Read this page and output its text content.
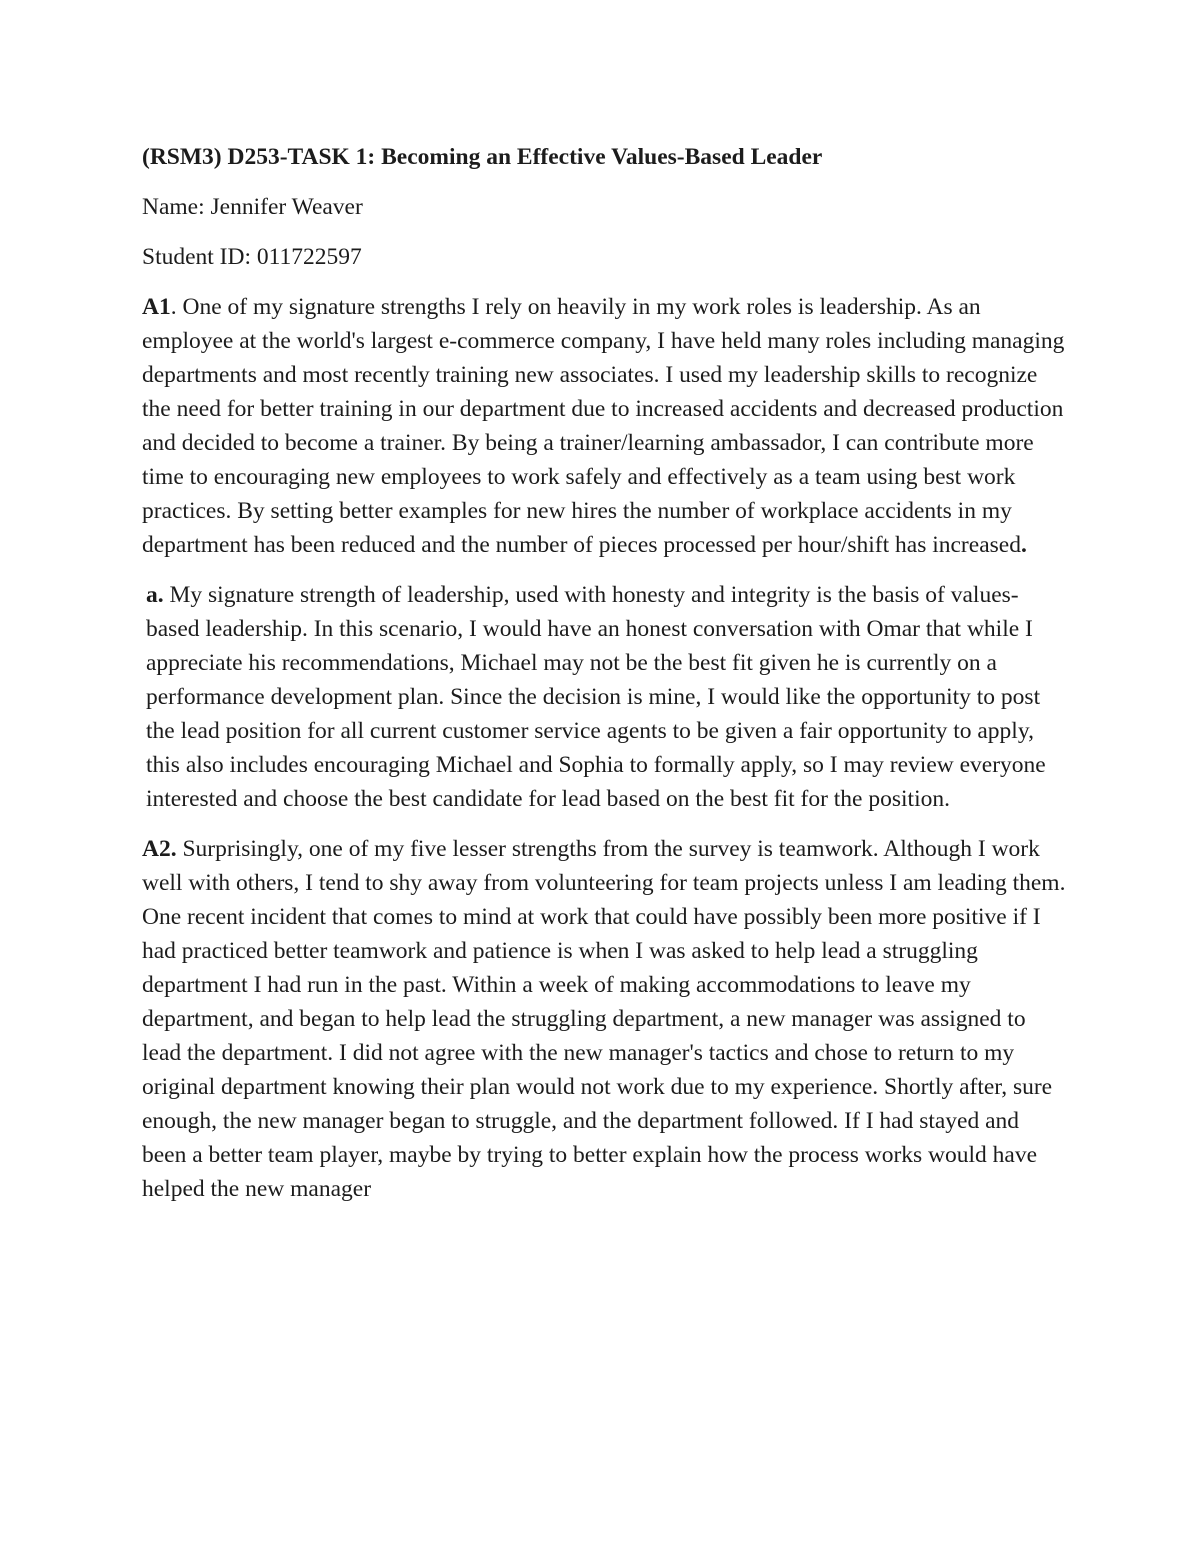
(RSM3) D253-TASK 1: Becoming an Effective Values-Based Leader

Name: Jennifer Weaver

Student ID: 011722597

A1. One of my signature strengths I rely on heavily in my work roles is leadership. As an employee at the world's largest e-commerce company, I have held many roles including managing departments and most recently training new associates. I used my leadership skills to recognize the need for better training in our department due to increased accidents and decreased production and decided to become a trainer. By being a trainer/learning ambassador, I can contribute more time to encouraging new employees to work safely and effectively as a team using best work practices. By setting better examples for new hires the number of workplace accidents in my department has been reduced and the number of pieces processed per hour/shift has increased.

a. My signature strength of leadership, used with honesty and integrity is the basis of values-based leadership. In this scenario, I would have an honest conversation with Omar that while I appreciate his recommendations, Michael may not be the best fit given he is currently on a performance development plan. Since the decision is mine, I would like the opportunity to post the lead position for all current customer service agents to be given a fair opportunity to apply, this also includes encouraging Michael and Sophia to formally apply, so I may review everyone interested and choose the best candidate for lead based on the best fit for the position.

A2. Surprisingly, one of my five lesser strengths from the survey is teamwork. Although I work well with others, I tend to shy away from volunteering for team projects unless I am leading them. One recent incident that comes to mind at work that could have possibly been more positive if I had practiced better teamwork and patience is when I was asked to help lead a struggling department I had run in the past. Within a week of making accommodations to leave my department, and began to help lead the struggling department, a new manager was assigned to lead the department. I did not agree with the new manager's tactics and chose to return to my original department knowing their plan would not work due to my experience. Shortly after, sure enough, the new manager began to struggle, and the department followed. If I had stayed and been a better team player, maybe by trying to better explain how the process works would have helped the new manager
